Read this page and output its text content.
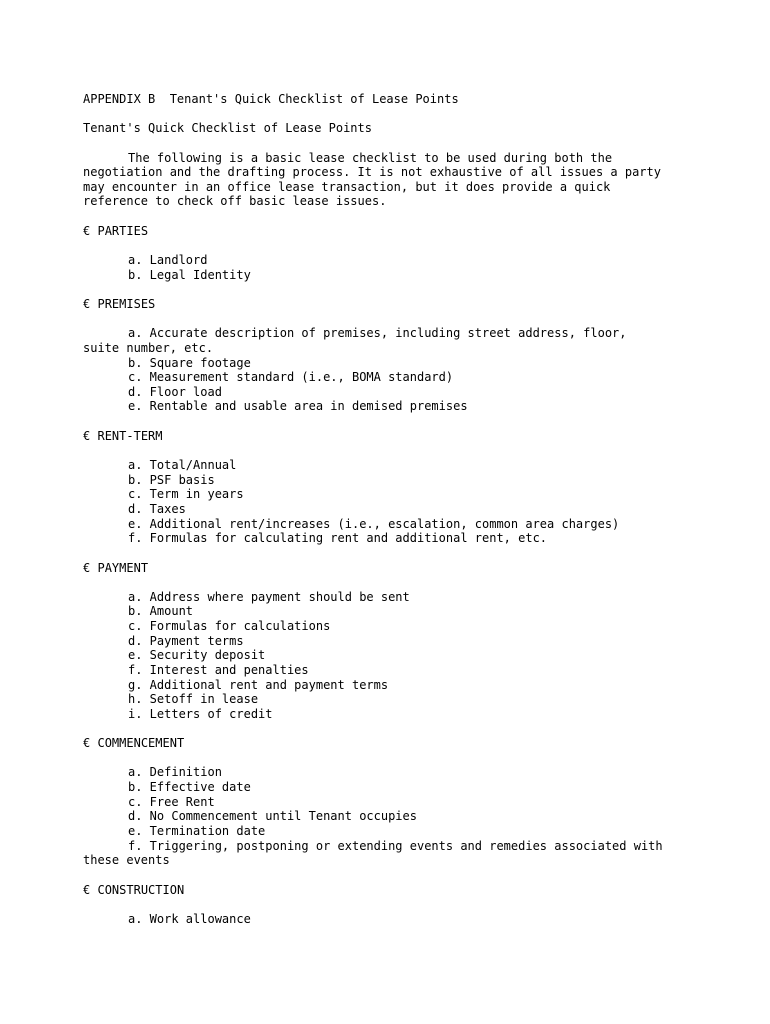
APPENDIX B  Tenant's Quick Checklist of Lease Points
Tenant's Quick Checklist of Lease Points
The following is a basic lease checklist to be used during both the
negotiation and the drafting process. It is not exhaustive of all issues a party
may encounter in an office lease transaction, but it does provide a quick
reference to check off basic lease issues.
€ PARTIES
a. Landlord
b. Legal Identity
€ PREMISES
a. Accurate description of premises, including street address, floor,
suite number, etc.
b. Square footage
c. Measurement standard (i.e., BOMA standard)
d. Floor load
e. Rentable and usable area in demised premises
€ RENT-TERM
a. Total/Annual
b. PSF basis
c. Term in years
d. Taxes
e. Additional rent/increases (i.e., escalation, common area charges)
f. Formulas for calculating rent and additional rent, etc.
€ PAYMENT
a. Address where payment should be sent
b. Amount
c. Formulas for calculations
d. Payment terms
e. Security deposit
f. Interest and penalties
g. Additional rent and payment terms
h. Setoff in lease
i. Letters of credit
€ COMMENCEMENT
a. Definition
b. Effective date
c. Free Rent
d. No Commencement until Tenant occupies
e. Termination date
f. Triggering, postponing or extending events and remedies associated with
these events
€ CONSTRUCTION
a. Work allowance
